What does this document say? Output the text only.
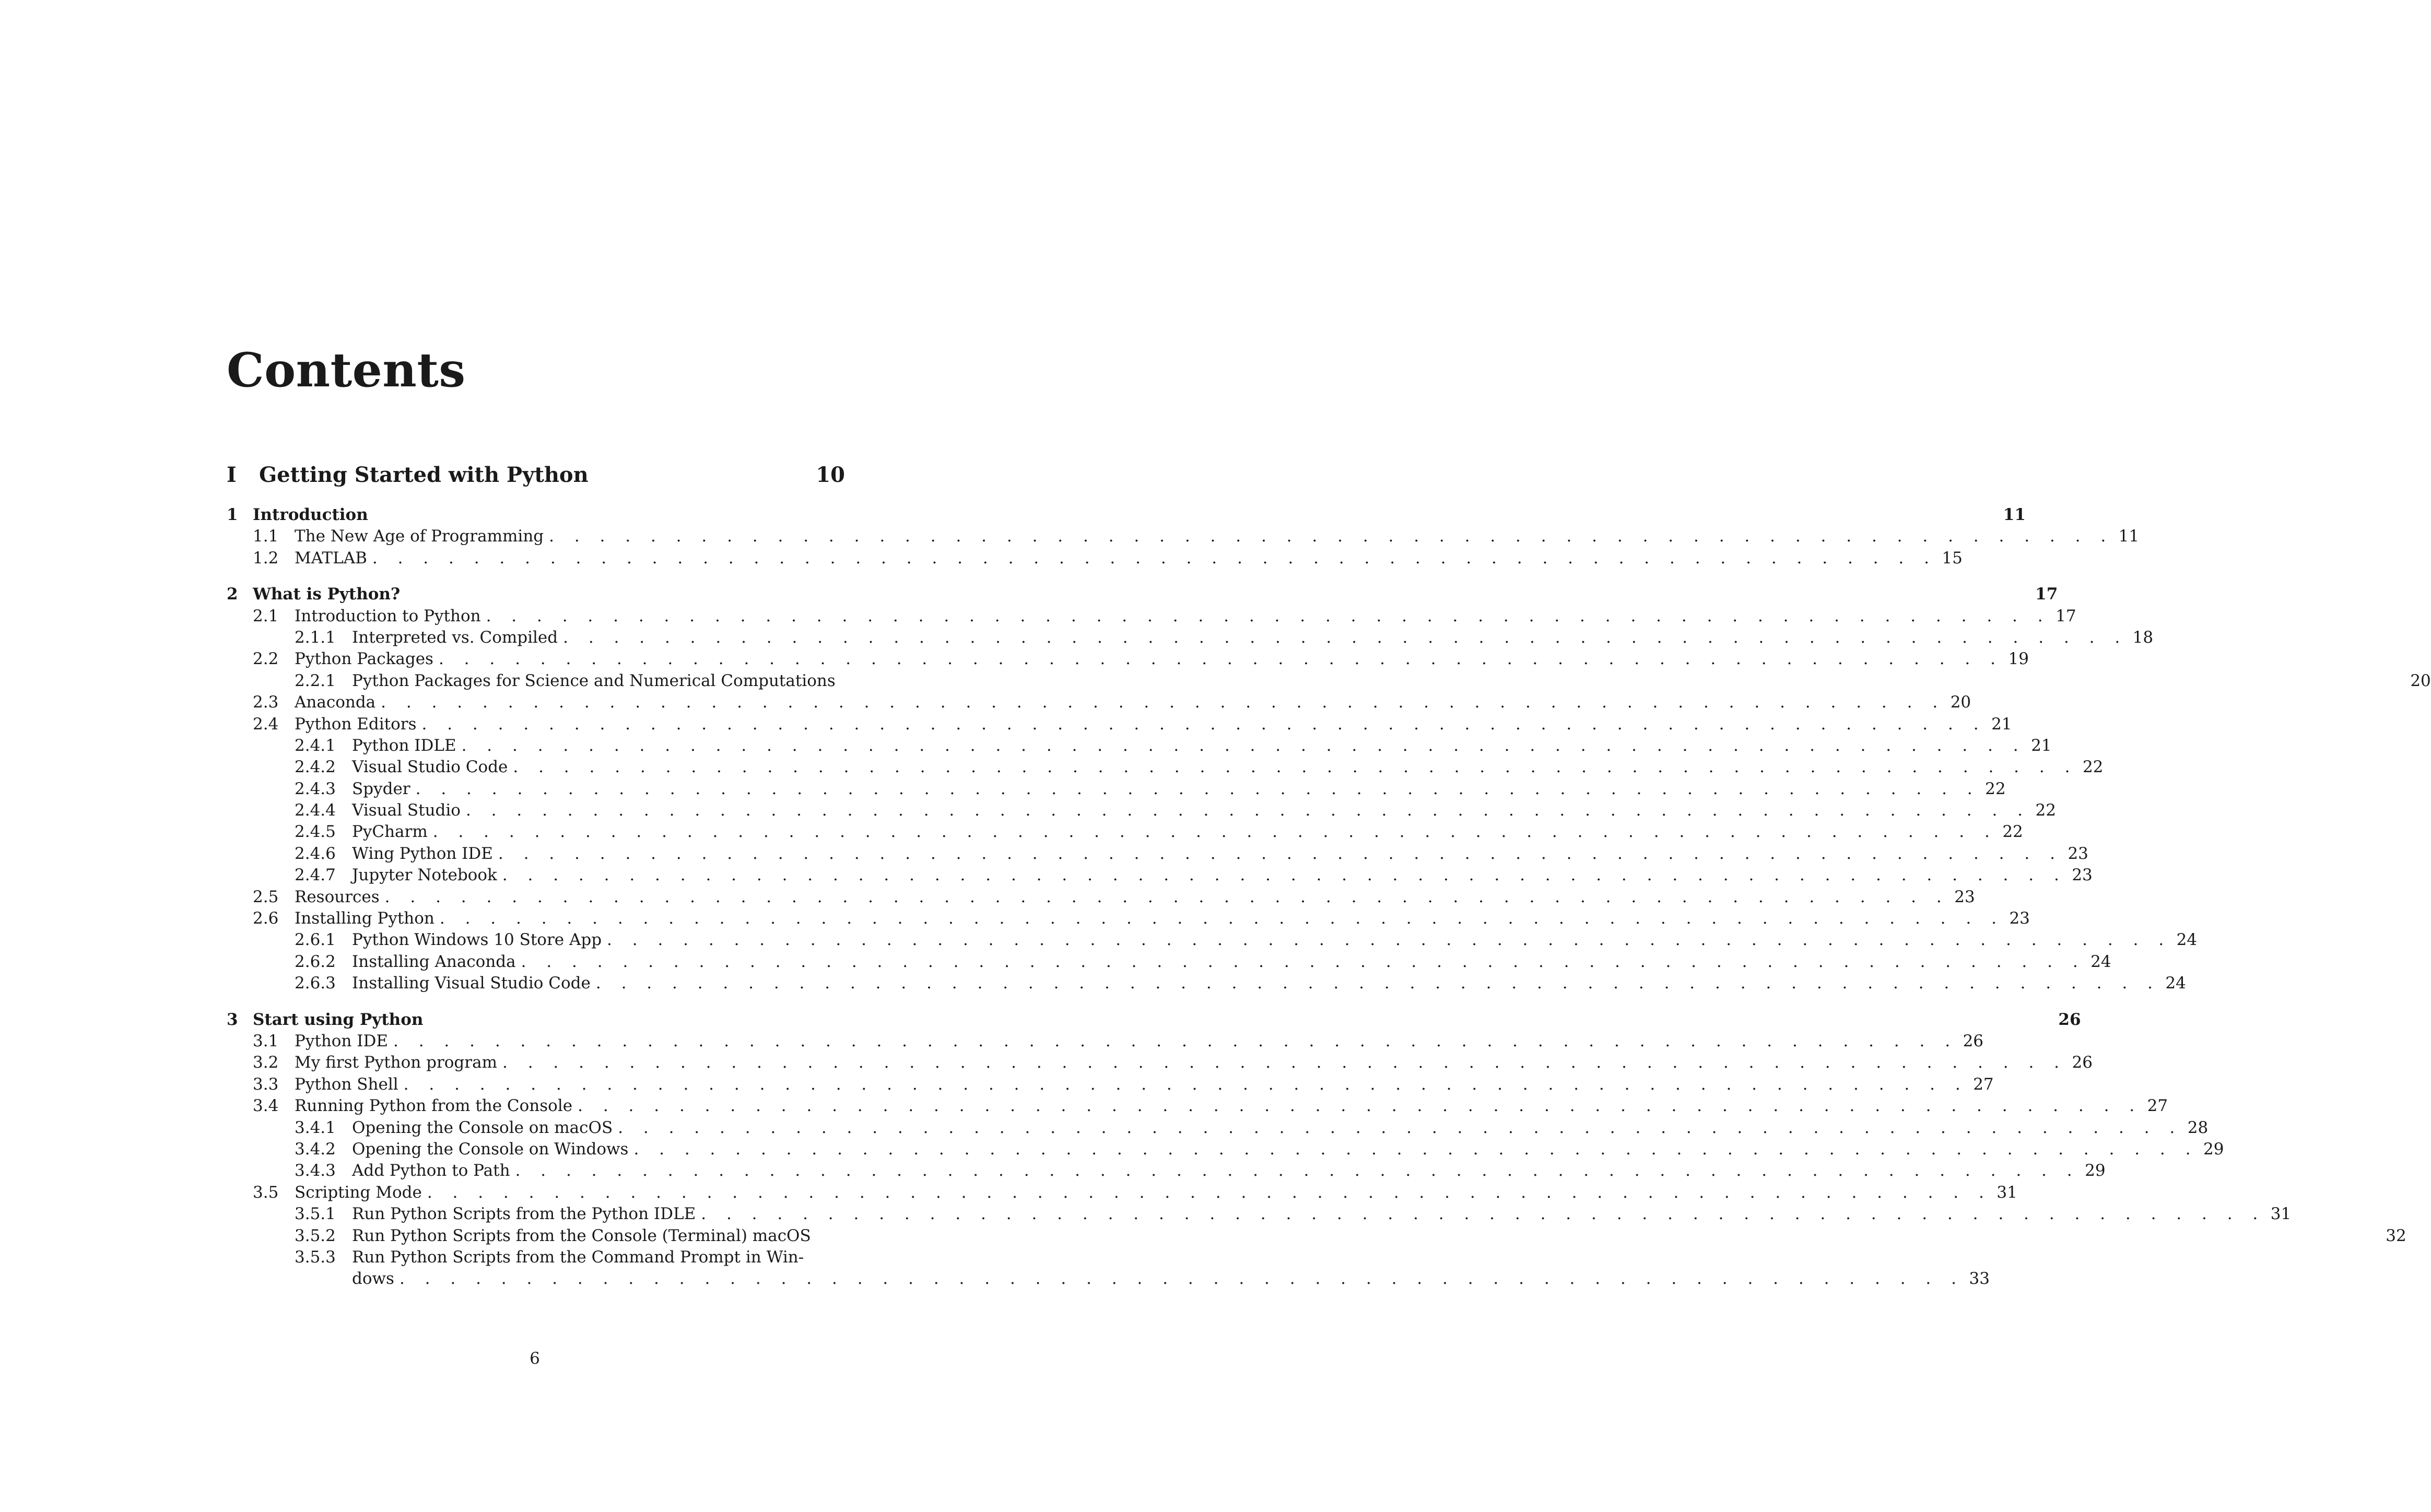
Contents
I	Getting Started with Python	10
1 Introduction	11
1.1 The New Age of Programming . . . . . . . . . . . . . . . . . . . . . . . . . . . . . . . . . . . . . . . . . . . . . . . . . . . . . . . . . . . . . . 11
1.2 MATLAB . . . . . . . . . . . . . . . . . . . . . . . . . . . . . . . . . . . . . . . . . . . . . . . . . . . . . . . . . . . . . . 15
2 What is Python?	17
2.1 Introduction to Python . . . . . . . . . . . . . . . . . . . . . . . . . . . . . . . . . . . . . . . . . . . . . . . . . . . . . . . . . . . . . . 17
2.1.1	Interpreted vs. Compiled . . . . . . . . . . . . . . . . . . . . . . . . . . . . . . . . . . . . . . . . . . . . . . . . . . . . . . . . . . . . . . 18
2.2 Python Packages . . . . . . . . . . . . . . . . . . . . . . . . . . . . . . . . . . . . . . . . . . . . . . . . . . . . . . . . . . . . . . 19
2.2.1	Python Packages for Science and Numerical Computations	20
2.3 Anaconda . . . . . . . . . . . . . . . . . . . . . . . . . . . . . . . . . . . . . . . . . . . . . . . . . . . . . . . . . . . . . . 20
2.4 Python Editors . . . . . . . . . . . . . . . . . . . . . . . . . . . . . . . . . . . . . . . . . . . . . . . . . . . . . . . . . . . . . . 21
2.4.1	Python IDLE . . . . . . . . . . . . . . . . . . . . . . . . . . . . . . . . . . . . . . . . . . . . . . . . . . . . . . . . . . . . . . 21
2.4.2	Visual Studio Code . . . . . . . . . . . . . . . . . . . . . . . . . . . . . . . . . . . . . . . . . . . . . . . . . . . . . . . . . . . . . . 22
2.4.3	Spyder . . . . . . . . . . . . . . . . . . . . . . . . . . . . . . . . . . . . . . . . . . . . . . . . . . . . . . . . . . . . . . 22
2.4.4	Visual Studio . . . . . . . . . . . . . . . . . . . . . . . . . . . . . . . . . . . . . . . . . . . . . . . . . . . . . . . . . . . . . . 22
2.4.5	PyCharm . . . . . . . . . . . . . . . . . . . . . . . . . . . . . . . . . . . . . . . . . . . . . . . . . . . . . . . . . . . . . . 22
2.4.6	Wing Python IDE . . . . . . . . . . . . . . . . . . . . . . . . . . . . . . . . . . . . . . . . . . . . . . . . . . . . . . . . . . . . . . 23
2.4.7	Jupyter Notebook . . . . . . . . . . . . . . . . . . . . . . . . . . . . . . . . . . . . . . . . . . . . . . . . . . . . . . . . . . . . . . 23
2.5 Resources . . . . . . . . . . . . . . . . . . . . . . . . . . . . . . . . . . . . . . . . . . . . . . . . . . . . . . . . . . . . . . 23
2.6 Installing Python . . . . . . . . . . . . . . . . . . . . . . . . . . . . . . . . . . . . . . . . . . . . . . . . . . . . . . . . . . . . . . 23
2.6.1	Python Windows 10 Store App . . . . . . . . . . . . . . . . . . . . . . . . . . . . . . . . . . . . . . . . . . . . . . . . . . . . . . . . . . . . . . 24
2.6.2	Installing Anaconda . . . . . . . . . . . . . . . . . . . . . . . . . . . . . . . . . . . . . . . . . . . . . . . . . . . . . . . . . . . . . . 24
2.6.3	Installing Visual Studio Code . . . . . . . . . . . . . . . . . . . . . . . . . . . . . . . . . . . . . . . . . . . . . . . . . . . . . . . . . . . . . . 24
3 Start using Python	26
3.1 Python IDE . . . . . . . . . . . . . . . . . . . . . . . . . . . . . . . . . . . . . . . . . . . . . . . . . . . . . . . . . . . . . . 26
3.2 My first Python program . . . . . . . . . . . . . . . . . . . . . . . . . . . . . . . . . . . . . . . . . . . . . . . . . . . . . . . . . . . . . . 26
3.3 Python Shell . . . . . . . . . . . . . . . . . . . . . . . . . . . . . . . . . . . . . . . . . . . . . . . . . . . . . . . . . . . . . . 27
3.4 Running Python from the Console . . . . . . . . . . . . . . . . . . . . . . . . . . . . . . . . . . . . . . . . . . . . . . . . . . . . . . . . . . . . . . 27
3.4.1	Opening the Console on macOS . . . . . . . . . . . . . . . . . . . . . . . . . . . . . . . . . . . . . . . . . . . . . . . . . . . . . . . . . . . . . . 28
3.4.2	Opening the Console on Windows . . . . . . . . . . . . . . . . . . . . . . . . . . . . . . . . . . . . . . . . . . . . . . . . . . . . . . . . . . . . . . 29
3.4.3	Add Python to Path . . . . . . . . . . . . . . . . . . . . . . . . . . . . . . . . . . . . . . . . . . . . . . . . . . . . . . . . . . . . . . 29
3.5 Scripting Mode . . . . . . . . . . . . . . . . . . . . . . . . . . . . . . . . . . . . . . . . . . . . . . . . . . . . . . . . . . . . . . 31
3.5.1	Run Python Scripts from the Python IDLE . . . . . . . . . . . . . . . . . . . . . . . . . . . . . . . . . . . . . . . . . . . . . . . . . . . . . . . . . . . . . . 31
3.5.2	Run Python Scripts from the Console (Terminal) macOS	32
3.5.3	Run Python Scripts from the Command Prompt in Win-
dows . . . . . . . . . . . . . . . . . . . . . . . . . . . . . . . . . . . . . . . . . . . . . . . . . . . . . . . . . . . . . . 33
6
